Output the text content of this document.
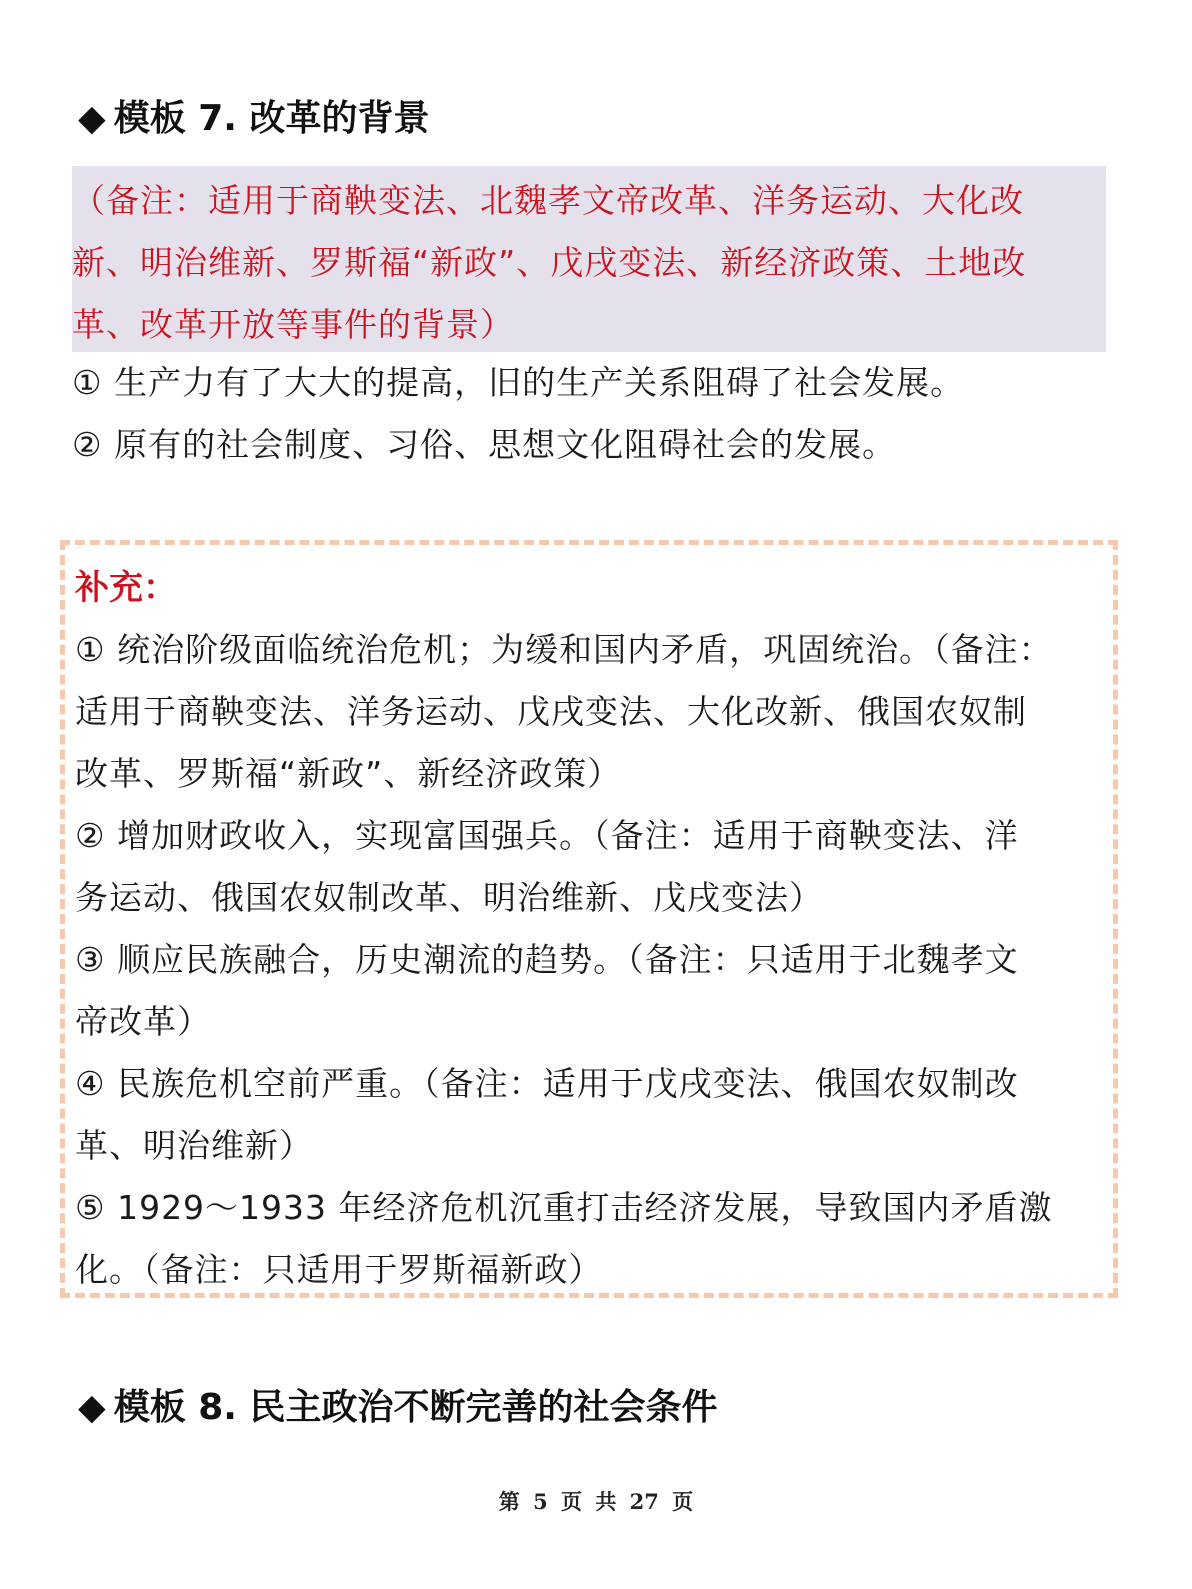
◆ 模板 7. 改革的背景
（备注：适用于商鞅变法、北魏孝文帝改革、洋务运动、大化改
新、明治维新、罗斯福“新政”、戊戌变法、新经济政策、土地改
革、改革开放等事件的背景）
① 生产力有了大大的提高，旧的生产关系阻碍了社会发展。
② 原有的社会制度、习俗、思想文化阻碍社会的发展。
补充：
① 统治阶级面临统治危机；为缓和国内矛盾，巩固统治。（备注：
适用于商鞅变法、洋务运动、戊戌变法、大化改新、俄国农奴制
改革、罗斯福“新政”、新经济政策）
② 增加财政收入，实现富国强兵。（备注：适用于商鞅变法、洋
务运动、俄国农奴制改革、明治维新、戊戌变法）
③ 顺应民族融合，历史潮流的趋势。（备注：只适用于北魏孝文
帝改革）
④ 民族危机空前严重。（备注：适用于戊戌变法、俄国农奴制改
革、明治维新）
⑤ 1929～1933 年经济危机沉重打击经济发展，导致国内矛盾激
化。（备注：只适用于罗斯福新政）
◆ 模板 8. 民主政治不断完善的社会条件
第 5 页 共 27 页
